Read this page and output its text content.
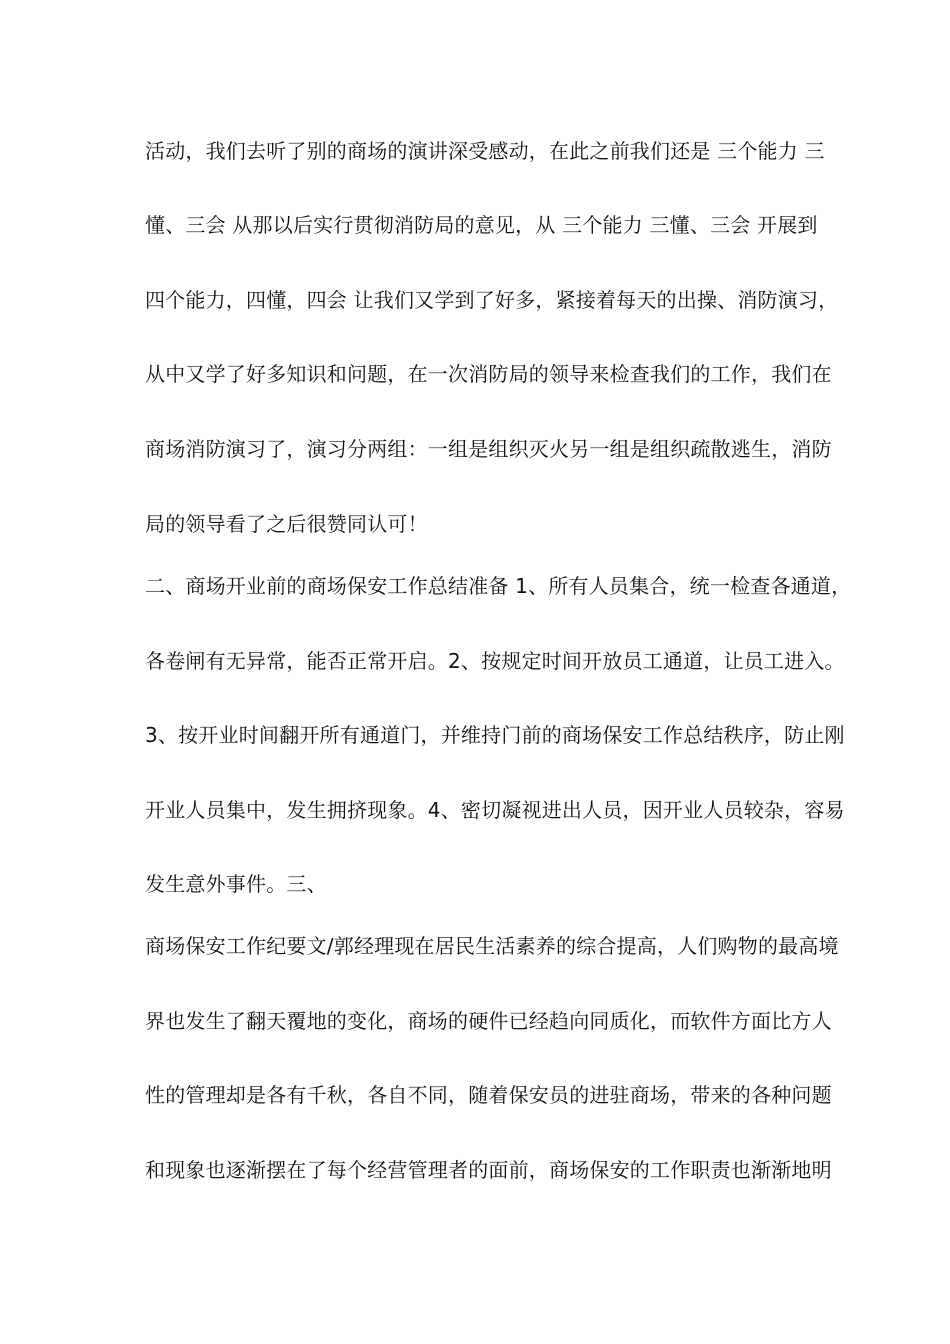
活动，我们去听了别的商场的演讲深受感动，在此之前我们还是 三个能力 三
懂、三会 从那以后实行贯彻消防局的意见，从 三个能力 三懂、三会 开展到
四个能力，四懂，四会 让我们又学到了好多，紧接着每天的出操、消防演习，
从中又学了好多知识和问题，在一次消防局的领导来检查我们的工作，我们在
商场消防演习了，演习分两组：一组是组织灭火另一组是组织疏散逃生，消防
局的领导看了之后很赞同认可！
二、商场开业前的商场保安工作总结准备 1、所有人员集合，统一检查各通道，
各卷闸有无异常，能否正常开启。2、按规定时间开放员工通道，让员工进入。
3、按开业时间翻开所有通道门，并维持门前的商场保安工作总结秩序，防止刚
开业人员集中，发生拥挤现象。4、密切凝视进出人员，因开业人员较杂，容易
发生意外事件。三、
商场保安工作纪要文/郭经理现在居民生活素养的综合提高，人们购物的最高境
界也发生了翻天覆地的变化，商场的硬件已经趋向同质化，而软件方面比方人
性的管理却是各有千秋，各自不同，随着保安员的进驻商场，带来的各种问题
和现象也逐渐摆在了每个经营管理者的面前，商场保安的工作职责也渐渐地明
